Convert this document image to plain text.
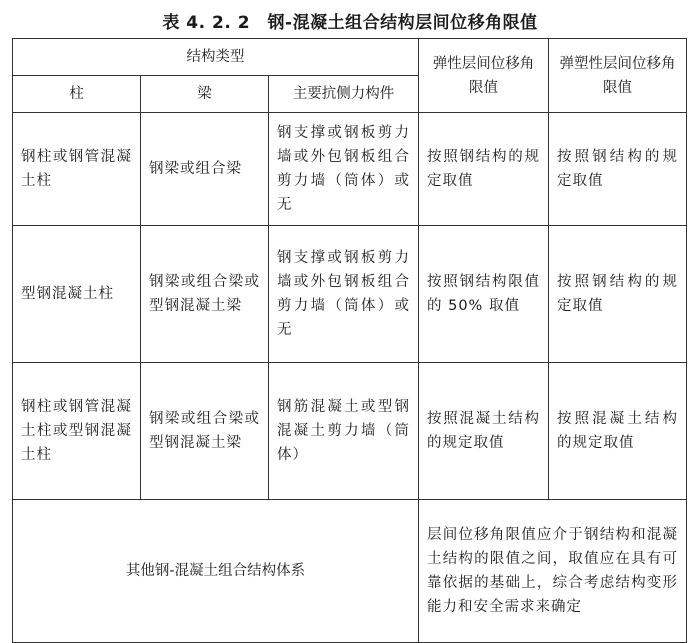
表 4. 2. 2　钢-混凝土组合结构层间位移角限值
结构类型			弹性层间位移角限值	弹塑性层间位移角限值
柱	梁	主要抗侧力构件		
钢柱或钢管混凝土柱	钢梁或组合梁	钢支撑或钢板剪力墙或外包钢板组合剪力墙（筒体）或无	按照钢结构的规定取值	按照钢结构的规定取值
型钢混凝土柱	钢梁或组合梁或型钢混凝土梁	钢支撑或钢板剪力墙或外包钢板组合剪力墙（筒体）或无	按照钢结构限值的 50% 取值	按照钢结构的规定取值
钢柱或钢管混凝土柱或型钢混凝土柱	钢梁或组合梁或型钢混凝土梁	钢筋混凝土或型钢混凝土剪力墙（筒体）	按照混凝土结构的规定取值	按照混凝土结构的规定取值
其他钢-混凝土组合结构体系			层间位移角限值应介于钢结构和混凝土结构的限值之间，取值应在具有可靠依据的基础上，综合考虑结构变形能力和安全需求来确定	
